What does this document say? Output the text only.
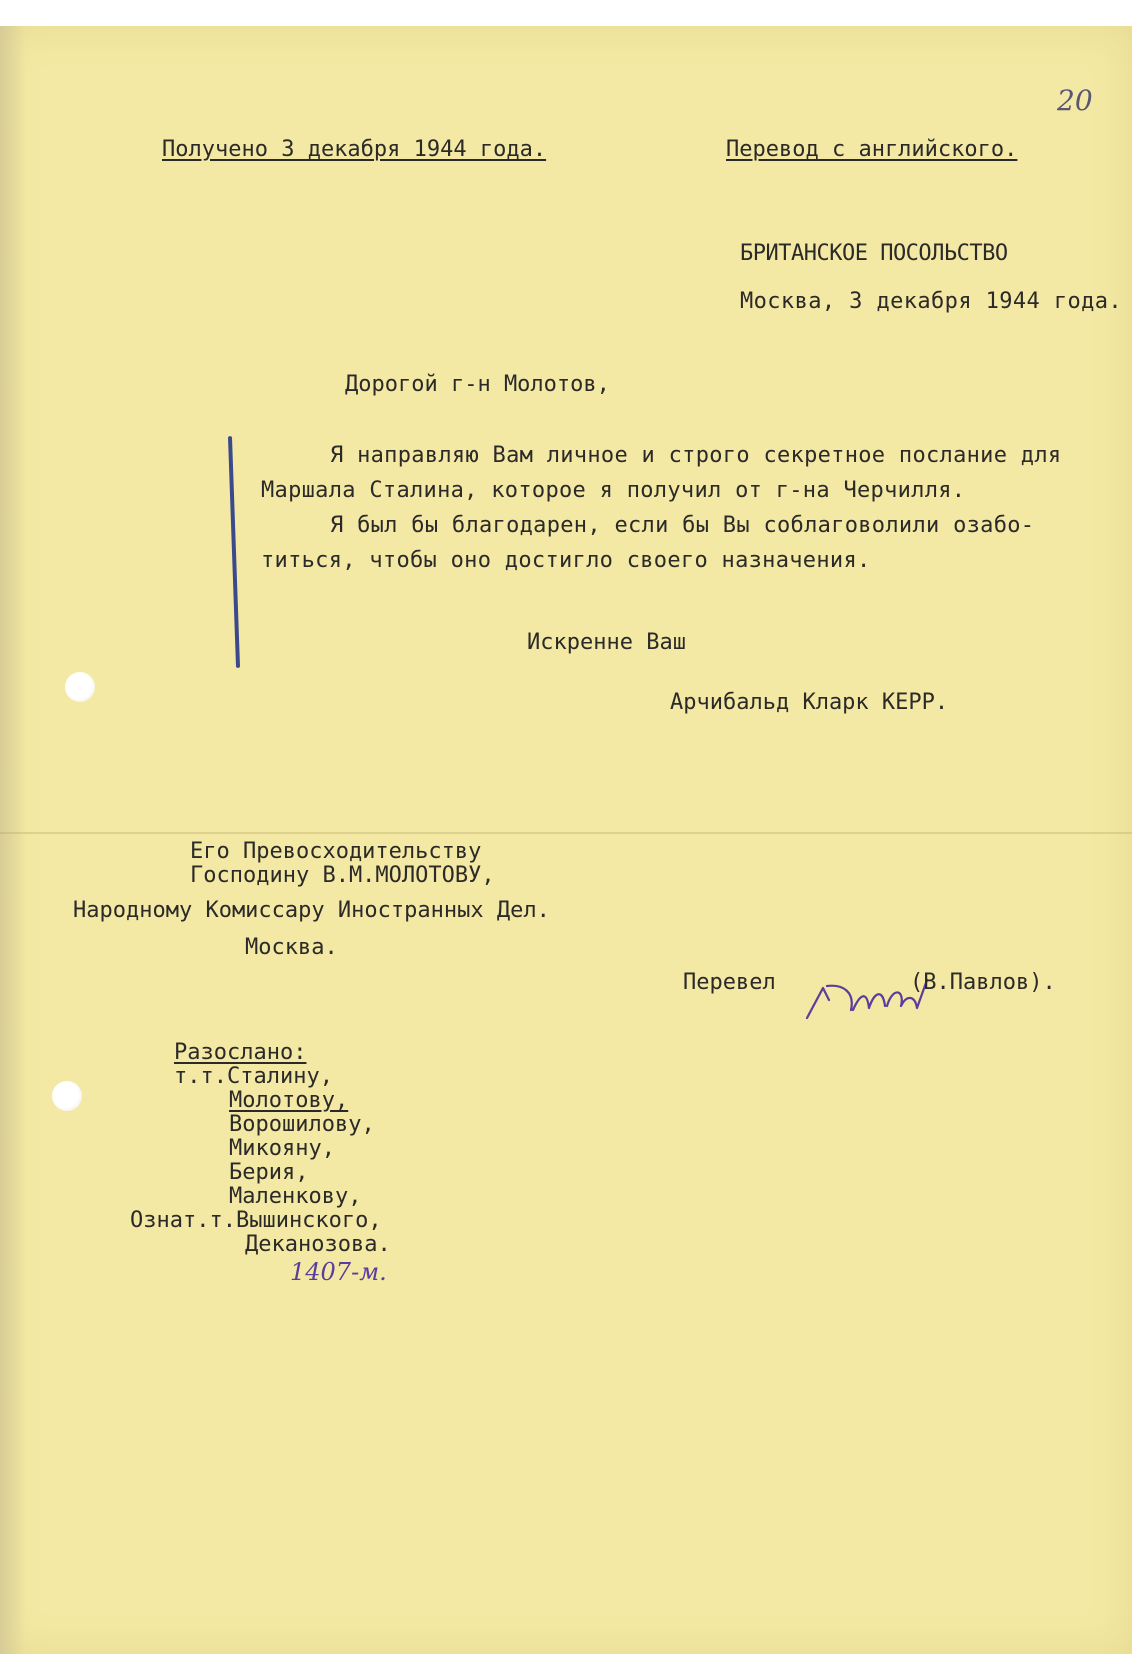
20
Получено 3 декабря 1944 года.	Перевод с английского.
БРИТАНСКОЕ ПОСОЛЬСТВО
Москва, 3 декабря 1944 года.
Дорогой г-н Молотов,
Я направляю Вам личное и строго секретное послание для
Маршала Сталина, которое я получил от г-на Черчилля.
Я был бы благодарен, если бы Вы соблаговолили озабо-
титься, чтобы оно достигло своего назначения.
Искренне Ваш
Арчибальд Кларк КЕРР.
Его Превосходительству
Господину В.М.МОЛОТОВУ,
Народному Комиссару Иностранных Дел.
Москва.
Перевел	(В.Павлов).
Разослано:
т.т.Сталину,
Молотову,
Ворошилову,
Микояну,
Берия,
Маленкову,
Ознат.т.Вышинского,
Деканозова.
1407-м.
